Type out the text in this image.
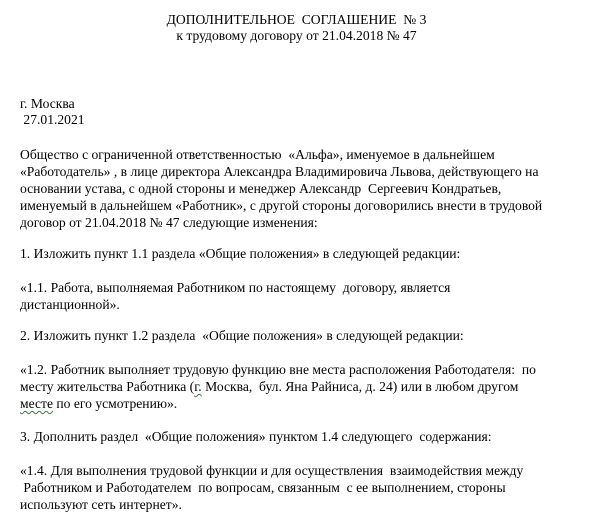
ДОПОЛНИТЕЛЬНОЕ  СОГЛАШЕНИЕ  № 3
к трудовому договору от 21.04.2018 № 47
г. Москва
27.01.2021
Общество с ограниченной ответственностью  «Альфа», именуемое в дальнейшем
«Работодатель» , в лице директора Александра Владимировича Львова, действующего на
основании устава, с одной стороны и менеджер Александр  Сергеевич Кондратьев,
именуемый в дальнейшем «Работник», с другой стороны договорились внести в трудовой
договор от 21.04.2018 № 47 следующие изменения:
1. Изложить пункт 1.1 раздела «Общие положения» в следующей редакции:
«1.1. Работа, выполняемая Работником по настоящему  договору, является
дистанционной».
2. Изложить пункт 1.2 раздела  «Общие положения» в следующей редакции:
«1.2. Работник выполняет трудовую функцию вне места расположения Работодателя:  по
месту жительства Работника (г. Москва,  бул. Яна Райниса, д. 24) или в любом другом
месте по его усмотрению».
3. Дополнить раздел  «Общие положения» пунктом 1.4 следующего  содержания:
«1.4. Для выполнения трудовой функции и для осуществления  взаимодействия между
Работником и Работодателем  по вопросам, связанным  с ее выполнением, стороны
используют сеть интернет».
